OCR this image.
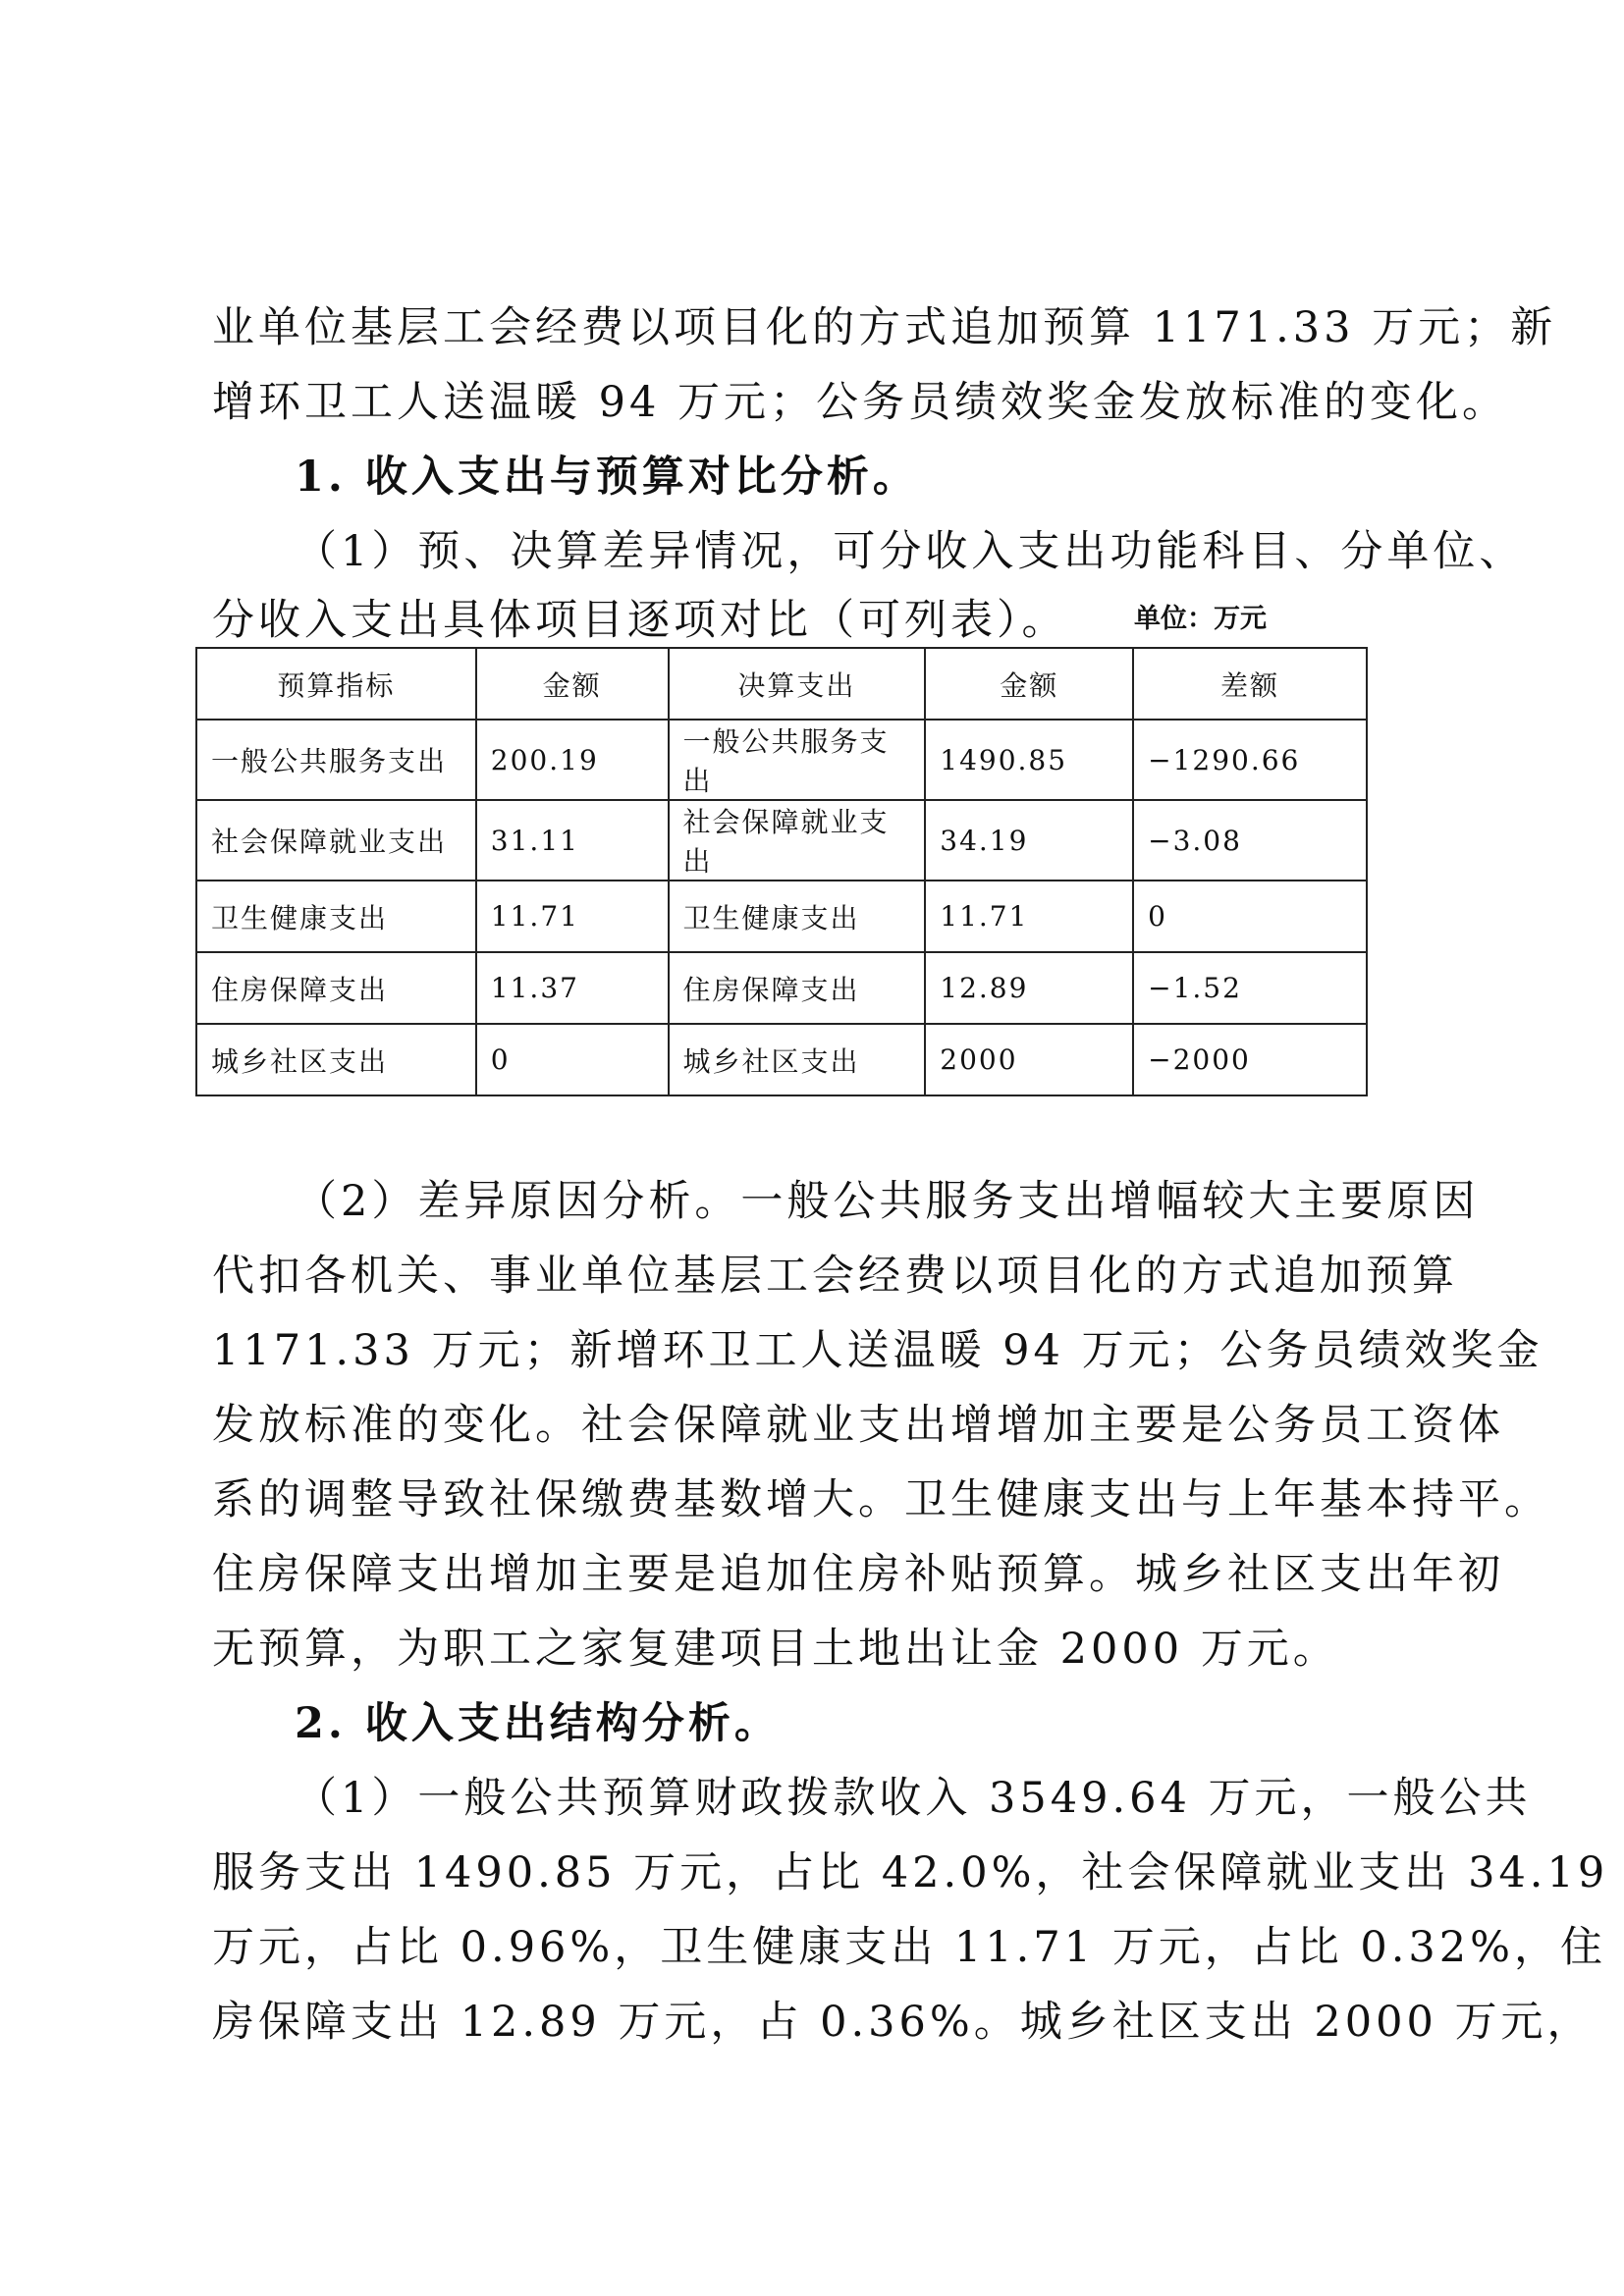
业单位基层工会经费以项目化的方式追加预算 1171.33 万元；新
增环卫工人送温暖 94 万元；公务员绩效奖金发放标准的变化。
1. 收入支出与预算对比分析。
（1）预、决算差异情况，可分收入支出功能科目、分单位、
分收入支出具体项目逐项对比（可列表）。	单位：万元
预算指标	金额	决算支出	金额	差额
一般公共服务支出	200.19	一般公共服务支出	1490.85	−1290.66
社会保障就业支出	31.11	社会保障就业支出	34.19	−3.08
卫生健康支出	11.71	卫生健康支出	11.71	0
住房保障支出	11.37	住房保障支出	12.89	−1.52
城乡社区支出	0	城乡社区支出	2000	−2000
（2）差异原因分析。一般公共服务支出增幅较大主要原因
代扣各机关、事业单位基层工会经费以项目化的方式追加预算
1171.33 万元；新增环卫工人送温暖 94 万元；公务员绩效奖金
发放标准的变化。社会保障就业支出增增加主要是公务员工资体
系的调整导致社保缴费基数增大。卫生健康支出与上年基本持平。
住房保障支出增加主要是追加住房补贴预算。城乡社区支出年初
无预算，为职工之家复建项目土地出让金 2000 万元。
2. 收入支出结构分析。
（1）一般公共预算财政拨款收入 3549.64 万元，一般公共
服务支出 1490.85 万元，占比 42.0%，社会保障就业支出 34.19
万元，占比 0.96%，卫生健康支出 11.71 万元，占比 0.32%，住
房保障支出 12.89 万元，占 0.36%。城乡社区支出 2000 万元，
